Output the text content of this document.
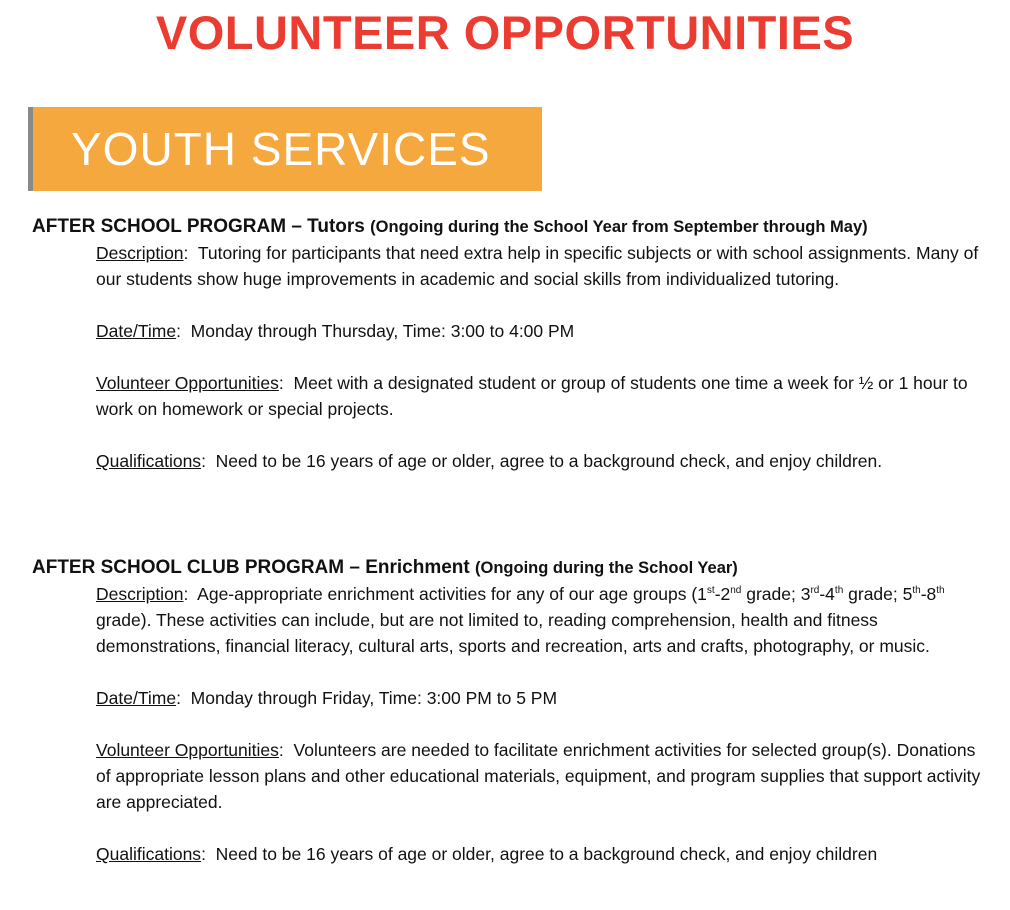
VOLUNTEER OPPORTUNITIES
YOUTH SERVICES
AFTER SCHOOL PROGRAM – Tutors (Ongoing during the School Year from September through May)
Description:  Tutoring for participants that need extra help in specific subjects or with school assignments. Many of our students show huge improvements in academic and social skills from individualized tutoring.
Date/Time:  Monday through Thursday, Time: 3:00 to 4:00 PM
Volunteer Opportunities:  Meet with a designated student or group of students one time a week for ½ or 1 hour to work on homework or special projects.
Qualifications:  Need to be 16 years of age or older, agree to a background check, and enjoy children.
AFTER SCHOOL CLUB PROGRAM – Enrichment (Ongoing during the School Year)
Description:  Age-appropriate enrichment activities for any of our age groups (1st-2nd grade; 3rd-4th grade; 5th-8th grade). These activities can include, but are not limited to, reading comprehension, health and fitness demonstrations, financial literacy, cultural arts, sports and recreation, arts and crafts, photography, or music.
Date/Time:  Monday through Friday, Time: 3:00 PM to 5 PM
Volunteer Opportunities:  Volunteers are needed to facilitate enrichment activities for selected group(s). Donations of appropriate lesson plans and other educational materials, equipment, and program supplies that support activity are appreciated.
Qualifications:  Need to be 16 years of age or older, agree to a background check, and enjoy children
